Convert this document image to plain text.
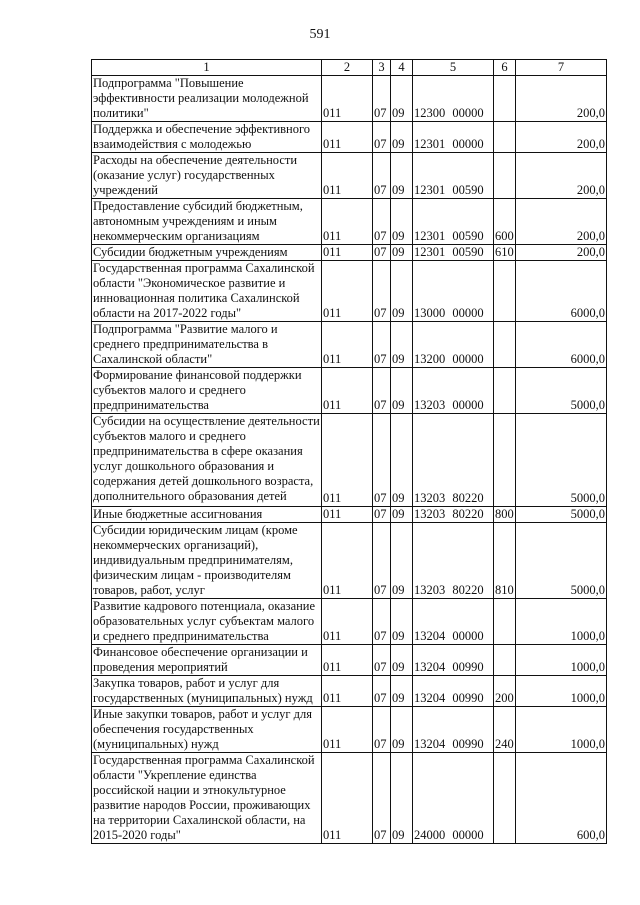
591
1	2	3	4	5	6	7
Подпрограмма "Повышение эффективности реализации молодежной политики"	011	07	09	12300 00000		200,0
Поддержка и обеспечение эффективного взаимодействия с молодежью	011	07	09	12301 00000		200,0
Расходы на обеспечение деятельности (оказание услуг) государственных учреждений	011	07	09	12301 00590		200,0
Предоставление субсидий бюджетным, автономным учреждениям и иным некоммерческим организациям	011	07	09	12301 00590	600	200,0
Субсидии бюджетным учреждениям	011	07	09	12301 00590	610	200,0
Государственная программа Сахалинской области "Экономическое развитие и инновационная политика Сахалинской области на 2017-2022 годы"	011	07	09	13000 00000		6000,0
Подпрограмма "Развитие малого и среднего предпринимательства в Сахалинской области"	011	07	09	13200 00000		6000,0
Формирование финансовой поддержки субъектов малого и среднего предпринимательства	011	07	09	13203 00000		5000,0
Субсидии на осуществление деятельности субъектов малого и среднего предпринимательства в сфере оказания услуг дошкольного образования и содержания детей дошкольного возраста, дополнительного образования детей	011	07	09	13203 80220		5000,0
Иные бюджетные ассигнования	011	07	09	13203 80220	800	5000,0
Субсидии юридическим лицам (кроме некоммерческих организаций), индивидуальным предпринимателям, физическим лицам - производителям товаров, работ, услуг	011	07	09	13203 80220	810	5000,0
Развитие кадрового потенциала, оказание образовательных услуг субъектам малого и среднего предпринимательства	011	07	09	13204 00000		1000,0
Финансовое обеспечение организации и проведения мероприятий	011	07	09	13204 00990		1000,0
Закупка товаров, работ и услуг для государственных (муниципальных) нужд	011	07	09	13204 00990	200	1000,0
Иные закупки товаров, работ и услуг для обеспечения государственных (муниципальных) нужд	011	07	09	13204 00990	240	1000,0
Государственная программа Сахалинской области "Укрепление единства российской нации и этнокультурное развитие народов России, проживающих на территории Сахалинской области, на 2015-2020 годы"	011	07	09	24000 00000		600,0
